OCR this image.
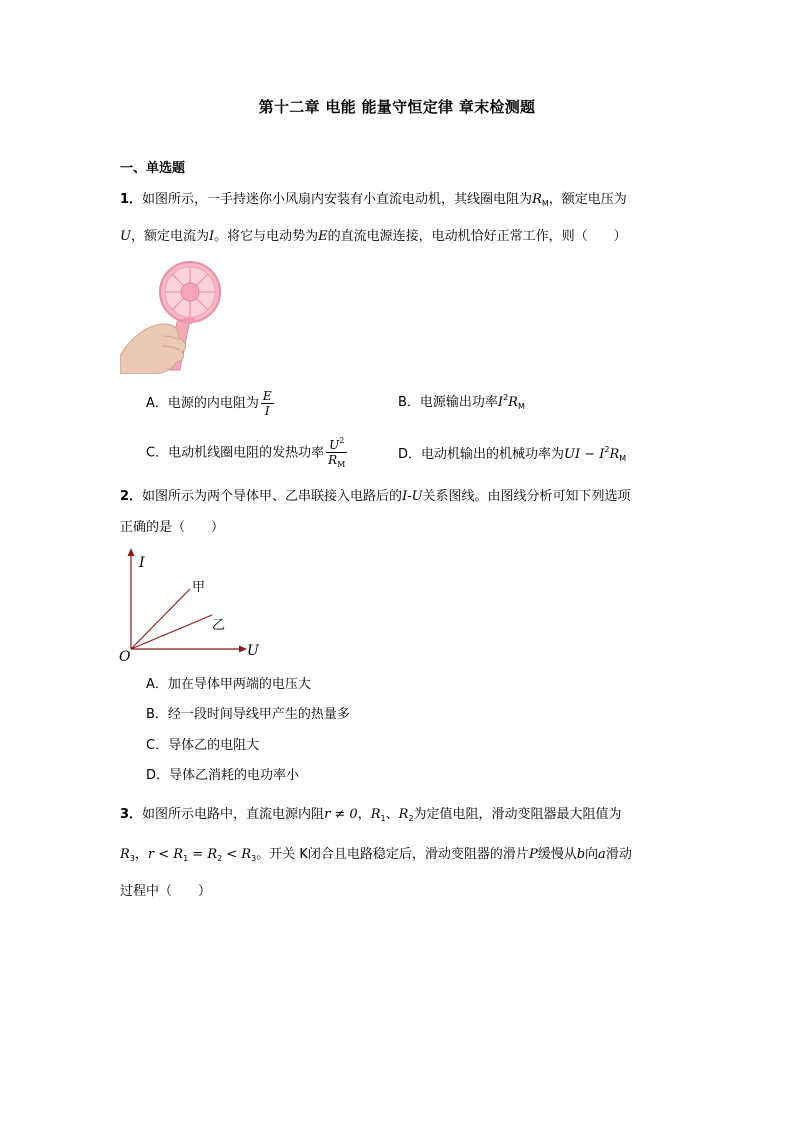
第十二章 电能 能量守恒定律 章末检测题
一、单选题
1．如图所示，一手持迷你小风扇内安装有小直流电动机，其线圈电阻为$R_M$，额定电压为
U，额定电流为I。将它与电动势为E的直流电源连接，电动机恰好正常工作，则（　　）
A．电源的内电阻为 $\frac{E}{I}$	B．电源输出功率$I^2R_M$
C．电动机线圈电阻的发热功率 $\frac{U^2}{R_M}$	D．电动机输出的机械功率为UI − $I^2R_M$
2．如图所示为两个导体甲、乙串联接入电路后的I-U关系图线。由图线分析可知下列选项
正确的是（　　）
I
U
O
甲
乙
A．加在导体甲两端的电压大
B．经一段时间导线甲产生的热量多
C．导体乙的电阻大
D．导体乙消耗的电功率小
3．如图所示电路中，直流电源内阻r ≠ 0，$R_1$、$R_2$为定值电阻，滑动变阻器最大阻值为
$R_3$，$r < R_1 = R_2 < R_3$。开关 K闭合且电路稳定后，滑动变阻器的滑片P缓慢从b向a滑动
过程中（　　）
